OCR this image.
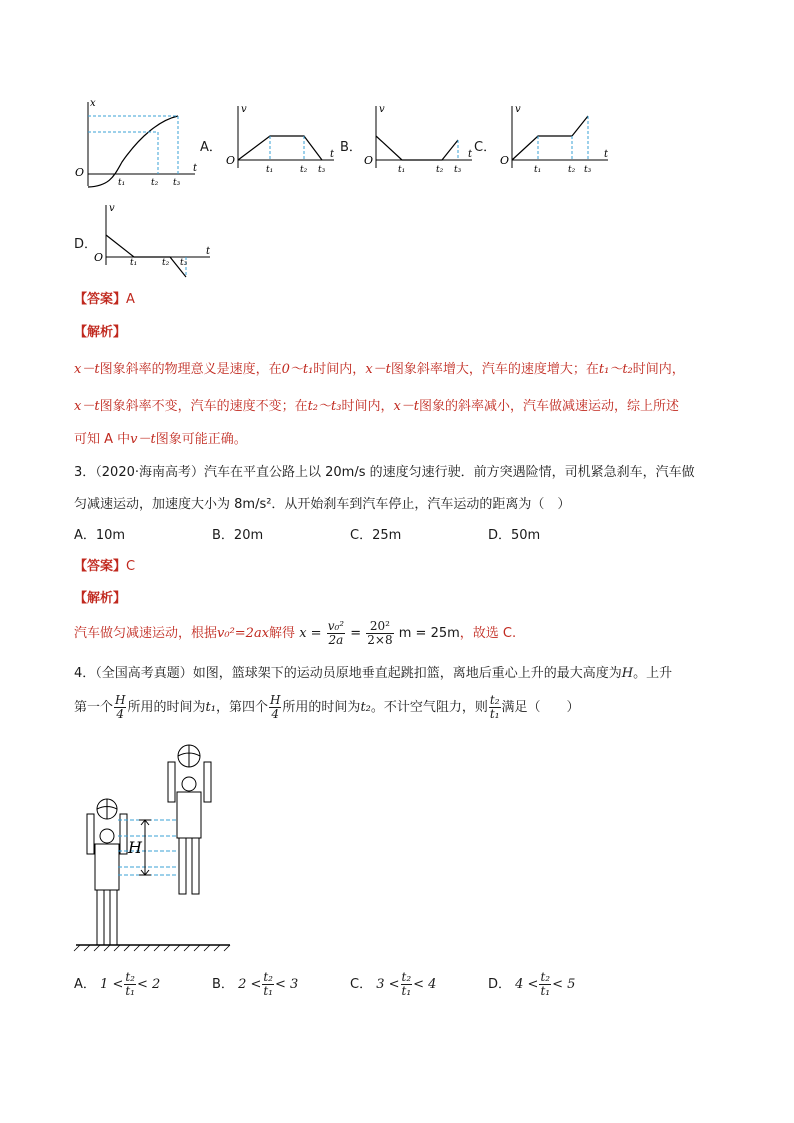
x
t
O
t₁	t₂ t₃
A．
v
t
O
t₁	t₂ t₃
B．
v
t
O
t₁	t₂ t₃
C．
v
t
O
t₁	t₂ t₃
D．
v
t
O	t₁	t₂ t₃
【答案】A
【解析】
x－t图象斜率的物理意义是速度，在0～t₁时间内，x－t图象斜率增大，汽车的速度增大；在t₁～t₂时间内，
x－t图象斜率不变，汽车的速度不变；在t₂～t₃时间内，x－t图象的斜率减小，汽车做减速运动，综上所述
可知 A 中v－t图象可能正确。
3．（2020·海南高考）汽车在平直公路上以 20m/s 的速度匀速行驶．前方突遇险情，司机紧急刹车，汽车做
匀减速运动，加速度大小为 8m/s²．从开始刹车到汽车停止，汽车运动的距离为（　）
A．10m	B．20m	C．25m	D．50m
【答案】C
【解析】
汽车做匀减速运动，根据v₀²=2ax解得 $x = \frac{\text{v₀²}}{2a} = \frac{\text{20²}}{2\times 8}$ m = 25m，故选 C.
4．（全国高考真题）如图，篮球架下的运动员原地垂直起跳扣篮，离地后重心上升的最大高度为H。上升
第一个 $\frac{H}{4}$ 所用的时间为t₁，第四个 $\frac{H}{4}$ 所用的时间为t₂。不计空气阻力，则 $\frac{\text{t₂}}{\text{t₁}}$ 满足（　　）
H
A． $1 < \frac{\text{t₂}}{\text{t₁}} < 2$	B． $2 < \frac{\text{t₂}}{\text{t₁}} < 3$	C． $3 < \frac{\text{t₂}}{\text{t₁}} < 4$	D． $4 < \frac{\text{t₂}}{\text{t₁}} < 5$
